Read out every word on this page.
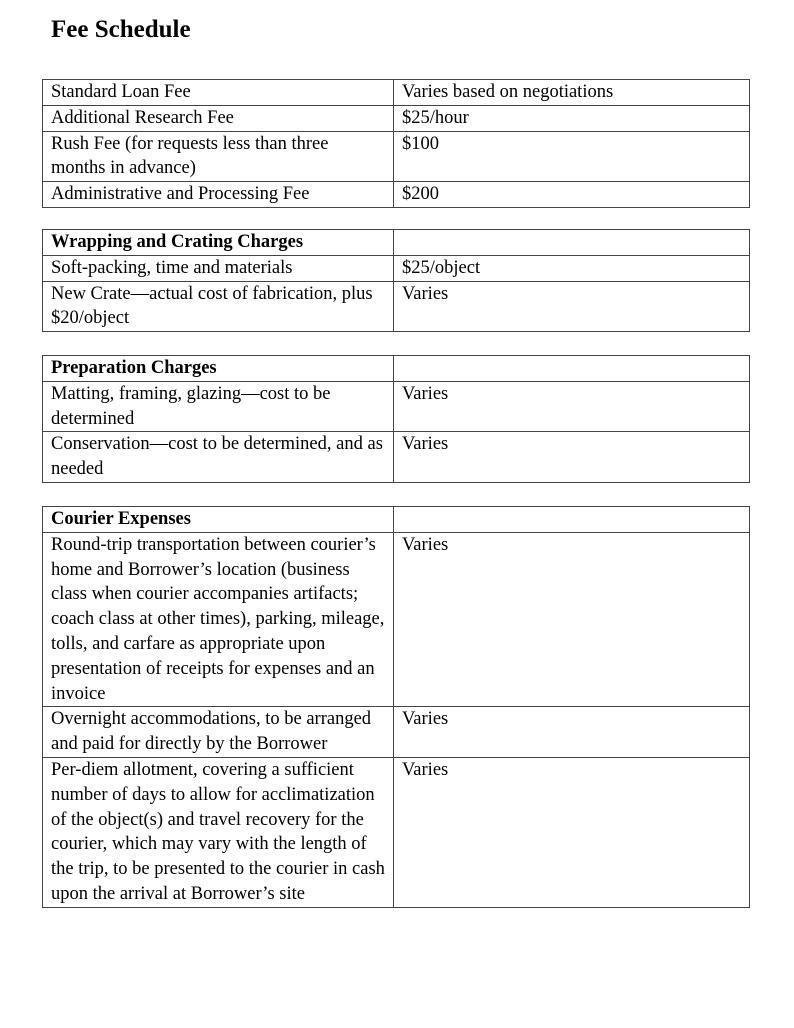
Fee Schedule
Standard Loan Fee	Varies based on negotiations
Additional Research Fee	$25/hour
Rush Fee (for requests less than three months in advance)	$100
Administrative and Processing Fee	$200
Wrapping and Crating Charges	
Soft-packing, time and materials	$25/object
New Crate—actual cost of fabrication, plus $20/object	Varies
Preparation Charges	
Matting, framing, glazing—cost to be determined	Varies
Conservation—cost to be determined, and as needed	Varies
Courier Expenses	
Round-trip transportation between courier’s home and Borrower’s location (business class when courier accompanies artifacts; coach class at other times), parking, mileage, tolls, and carfare as appropriate upon presentation of receipts for expenses and an invoice	Varies
Overnight accommodations, to be arranged and paid for directly by the Borrower	Varies
Per-diem allotment, covering a sufficient number of days to allow for acclimatization of the object(s) and travel recovery for the courier, which may vary with the length of the trip, to be presented to the courier in cash upon the arrival at Borrower’s site	Varies
